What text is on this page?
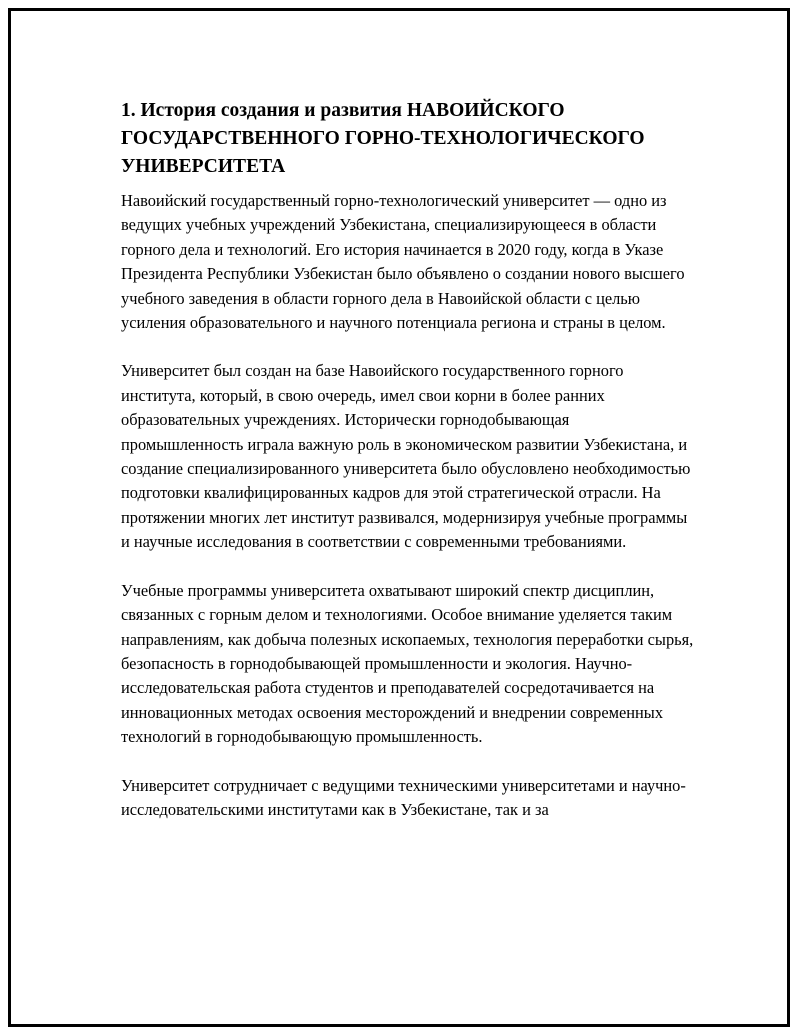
1. История создания и развития НАВОИЙСКОГО ГОСУДАРСТВЕННОГО ГОРНО-ТЕХНОЛОГИЧЕСКОГО УНИВЕРСИТЕТА

Навоийский государственный горно-технологический университет — одно из ведущих учебных учреждений Узбекистана, специализирующееся в области горного дела и технологий. Его история начинается в 2020 году, когда в Указе Президента Республики Узбекистан было объявлено о создании нового высшего учебного заведения в области горного дела в Навоийской области с целью усиления образовательного и научного потенциала региона и страны в целом.

Университет был создан на базе Навоийского государственного горного института, который, в свою очередь, имел свои корни в более ранних образовательных учреждениях. Исторически горнодобывающая промышленность играла важную роль в экономическом развитии Узбекистана, и создание специализированного университета было обусловлено необходимостью подготовки квалифицированных кадров для этой стратегической отрасли. На протяжении многих лет институт развивался, модернизируя учебные программы и научные исследования в соответствии с современными требованиями.

Учебные программы университета охватывают широкий спектр дисциплин, связанных с горным делом и технологиями. Особое внимание уделяется таким направлениям, как добыча полезных ископаемых, технология переработки сырья, безопасность в горнодобывающей промышленности и экология. Научно-исследовательская работа студентов и преподавателей сосредотачивается на инновационных методах освоения месторождений и внедрении современных технологий в горнодобывающую промышленность.

Университет сотрудничает с ведущими техническими университетами и научно-исследовательскими институтами как в Узбекистане, так и за
